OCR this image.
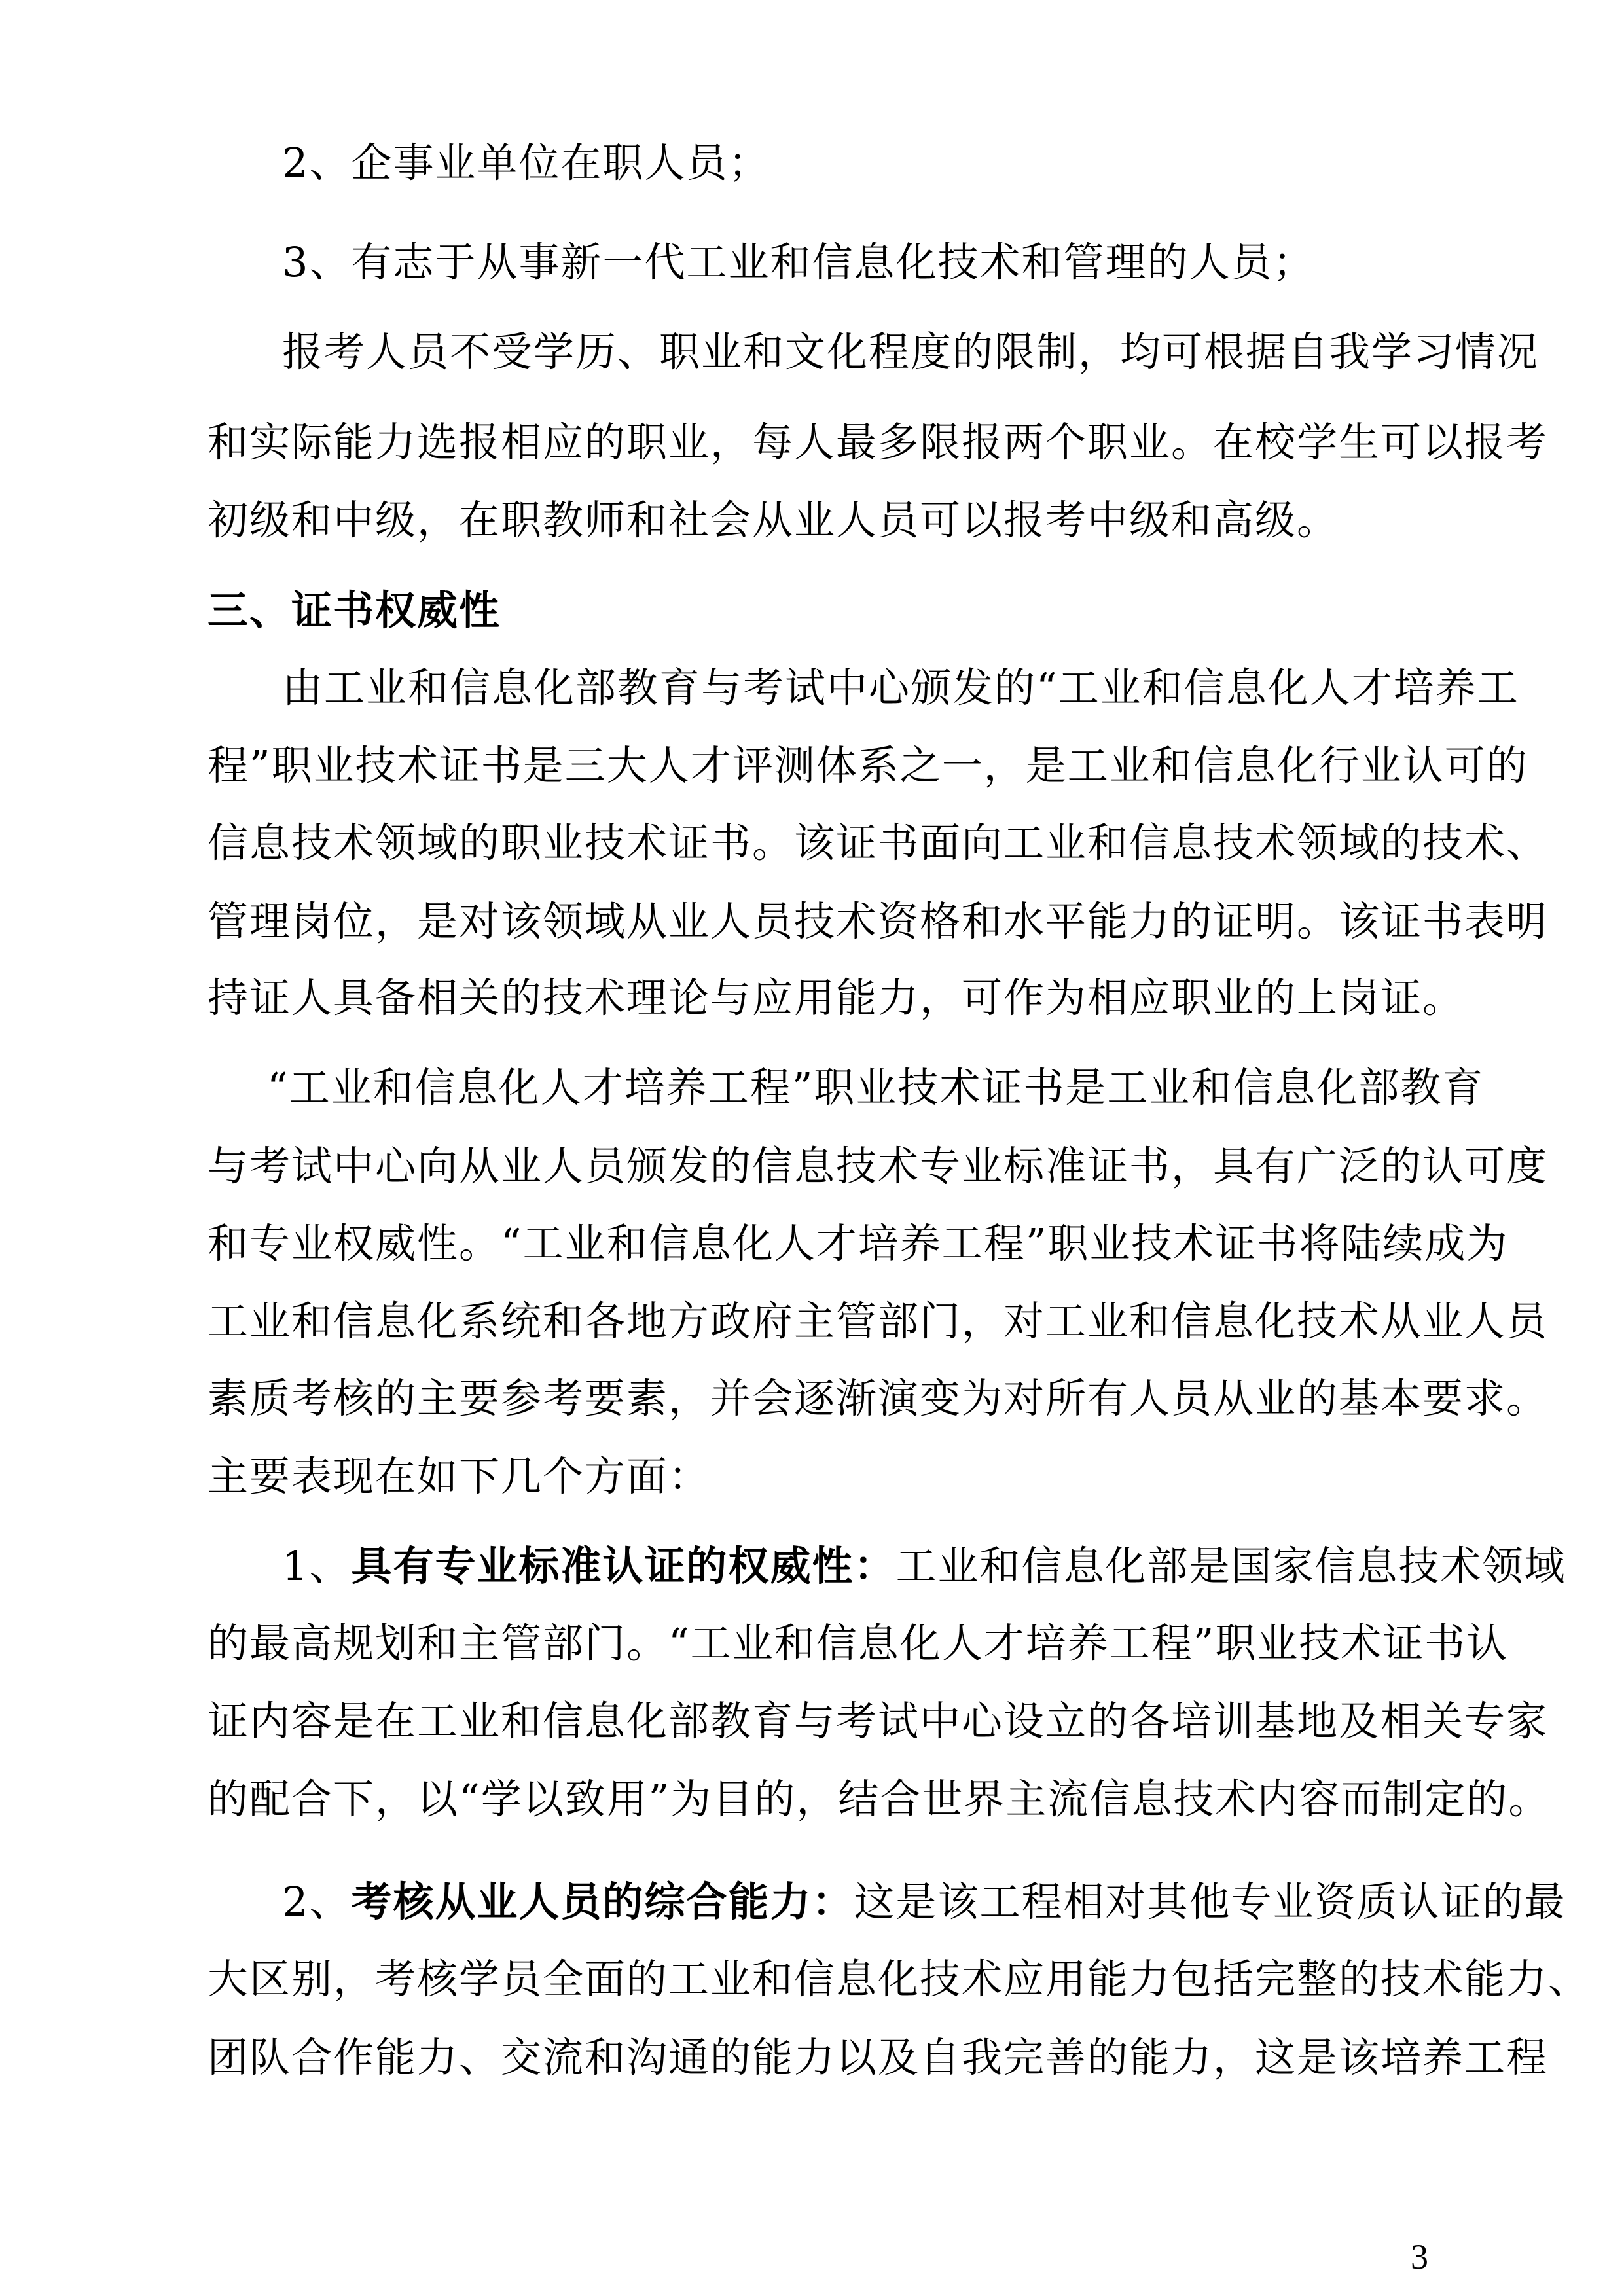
2、企事业单位在职人员；
3、有志于从事新一代工业和信息化技术和管理的人员；
报考人员不受学历、职业和文化程度的限制，均可根据自我学习情况
和实际能力选报相应的职业，每人最多限报两个职业。在校学生可以报考
初级和中级，在职教师和社会从业人员可以报考中级和高级。
三、证书权威性
由工业和信息化部教育与考试中心颁发的“工业和信息化人才培养工
程”职业技术证书是三大人才评测体系之一，是工业和信息化行业认可的
信息技术领域的职业技术证书。该证书面向工业和信息技术领域的技术、
管理岗位，是对该领域从业人员技术资格和水平能力的证明。该证书表明
持证人具备相关的技术理论与应用能力，可作为相应职业的上岗证。
“工业和信息化人才培养工程”职业技术证书是工业和信息化部教育
与考试中心向从业人员颁发的信息技术专业标准证书，具有广泛的认可度
和专业权威性。“工业和信息化人才培养工程”职业技术证书将陆续成为
工业和信息化系统和各地方政府主管部门，对工业和信息化技术从业人员
素质考核的主要参考要素，并会逐渐演变为对所有人员从业的基本要求。
主要表现在如下几个方面：
1、具有专业标准认证的权威性：工业和信息化部是国家信息技术领域
的最高规划和主管部门。“工业和信息化人才培养工程”职业技术证书认
证内容是在工业和信息化部教育与考试中心设立的各培训基地及相关专家
的配合下，以“学以致用”为目的，结合世界主流信息技术内容而制定的。
2、考核从业人员的综合能力：这是该工程相对其他专业资质认证的最
大区别，考核学员全面的工业和信息化技术应用能力包括完整的技术能力、
团队合作能力、交流和沟通的能力以及自我完善的能力，这是该培养工程
3
